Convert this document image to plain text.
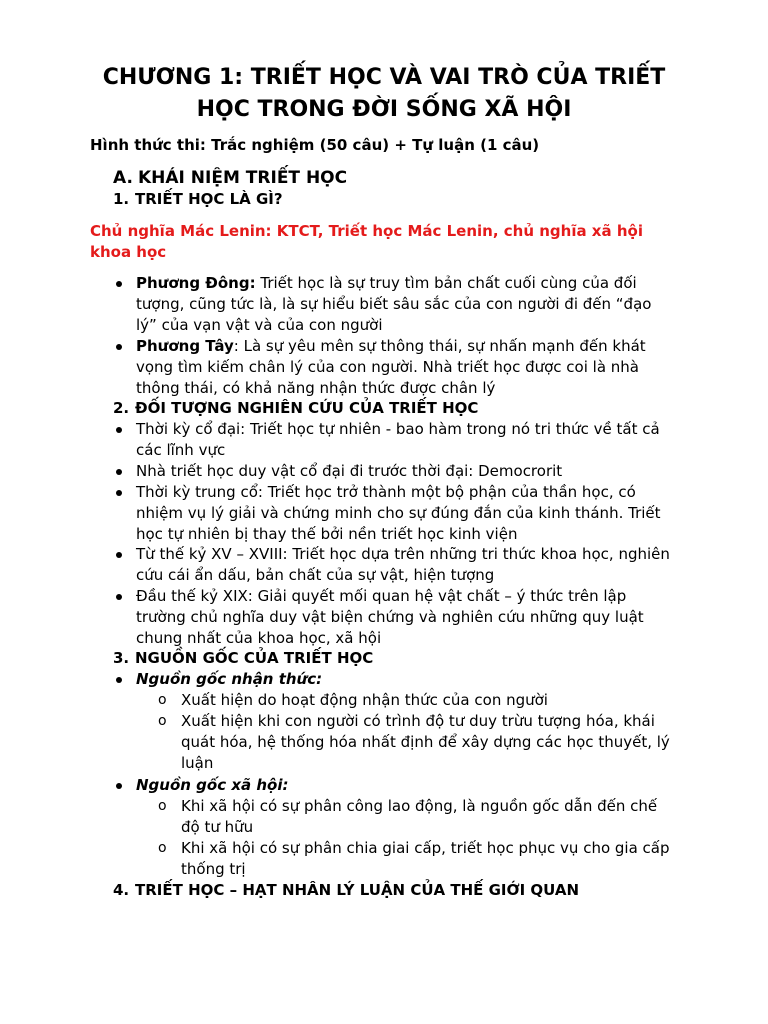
CHƯƠNG 1: TRIẾT HỌC VÀ VAI TRÒ CỦA TRIẾT
HỌC TRONG ĐỜI SỐNG XÃ HỘI
Hình thức thi: Trắc nghiệm (50 câu) + Tự luận (1 câu)
A. KHÁI NIỆM TRIẾT HỌC
1. TRIẾT HỌC LÀ GÌ?
Chủ nghĩa Mác Lenin: KTCT, Triết học Mác Lenin, chủ nghĩa xã hội
khoa học
Phương Đông: Triết học là sự truy tìm bản chất cuối cùng của đối
tượng, cũng tức là, là sự hiểu biết sâu sắc của con người đi đến “đạo
lý” của vạn vật và của con người
Phương Tây: Là sự yêu mên sự thông thái, sự nhấn mạnh đến khát
vọng tìm kiếm chân lý của con người. Nhà triết học được coi là nhà
thông thái, có khả năng nhận thức được chân lý
2. ĐỐI TƯỢNG NGHIÊN CỨU CỦA TRIẾT HỌC
Thời kỳ cổ đại: Triết học tự nhiên - bao hàm trong nó tri thức về tất cả
các lĩnh vực
Nhà triết học duy vật cổ đại đi trước thời đại: Democrorit
Thời kỳ trung cổ: Triết học trở thành một bộ phận của thần học, có
nhiệm vụ lý giải và chứng minh cho sự đúng đắn của kinh thánh. Triết
học tự nhiên bị thay thế bởi nền triết học kinh viện
Từ thế kỷ XV – XVIII: Triết học dựa trên những tri thức khoa học, nghiên
cứu cái ẩn dấu, bản chất của sự vật, hiện tượng
Đầu thế kỷ XIX: Giải quyết mối quan hệ vật chất – ý thức trên lập
trường chủ nghĩa duy vật biện chứng và nghiên cứu những quy luật
chung nhất của khoa học, xã hội
3. NGUỒN GỐC CỦA TRIẾT HỌC
Nguồn gốc nhận thức:
o Xuất hiện do hoạt động nhận thức của con người
o Xuất hiện khi con người có trình độ tư duy trừu tượng hóa, khái
quát hóa, hệ thống hóa nhất định để xây dựng các học thuyết, lý
luận
Nguồn gốc xã hội:
o Khi xã hội có sự phân công lao động, là nguồn gốc dẫn đến chế
độ tư hữu
o Khi xã hội có sự phân chia giai cấp, triết học phục vụ cho gia cấp
thống trị
4. TRIẾT HỌC – HẠT NHÂN LÝ LUẬN CỦA THẾ GIỚI QUAN
